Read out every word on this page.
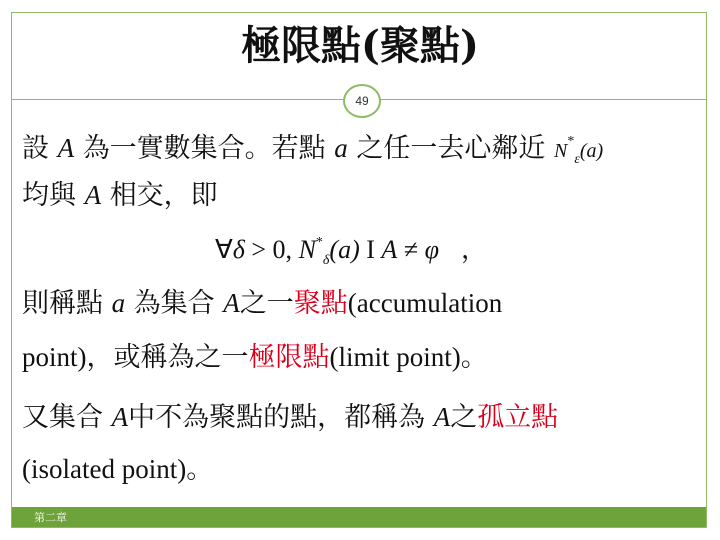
極限點(聚點)
49
設 A 為一實數集合。若點 a 之任一去心鄰近 $N^*_\varepsilon(a)$
均與 A 相交，即
∀δ > 0, $N^*_\delta(a)$ I A ≠ φ ，
則稱點 a 為集合 A之一聚點(accumulation
point)，或稱為之一極限點(limit point)。
又集合 A中不為聚點的點，都稱為 A之孤立點
(isolated point)。
第二章
